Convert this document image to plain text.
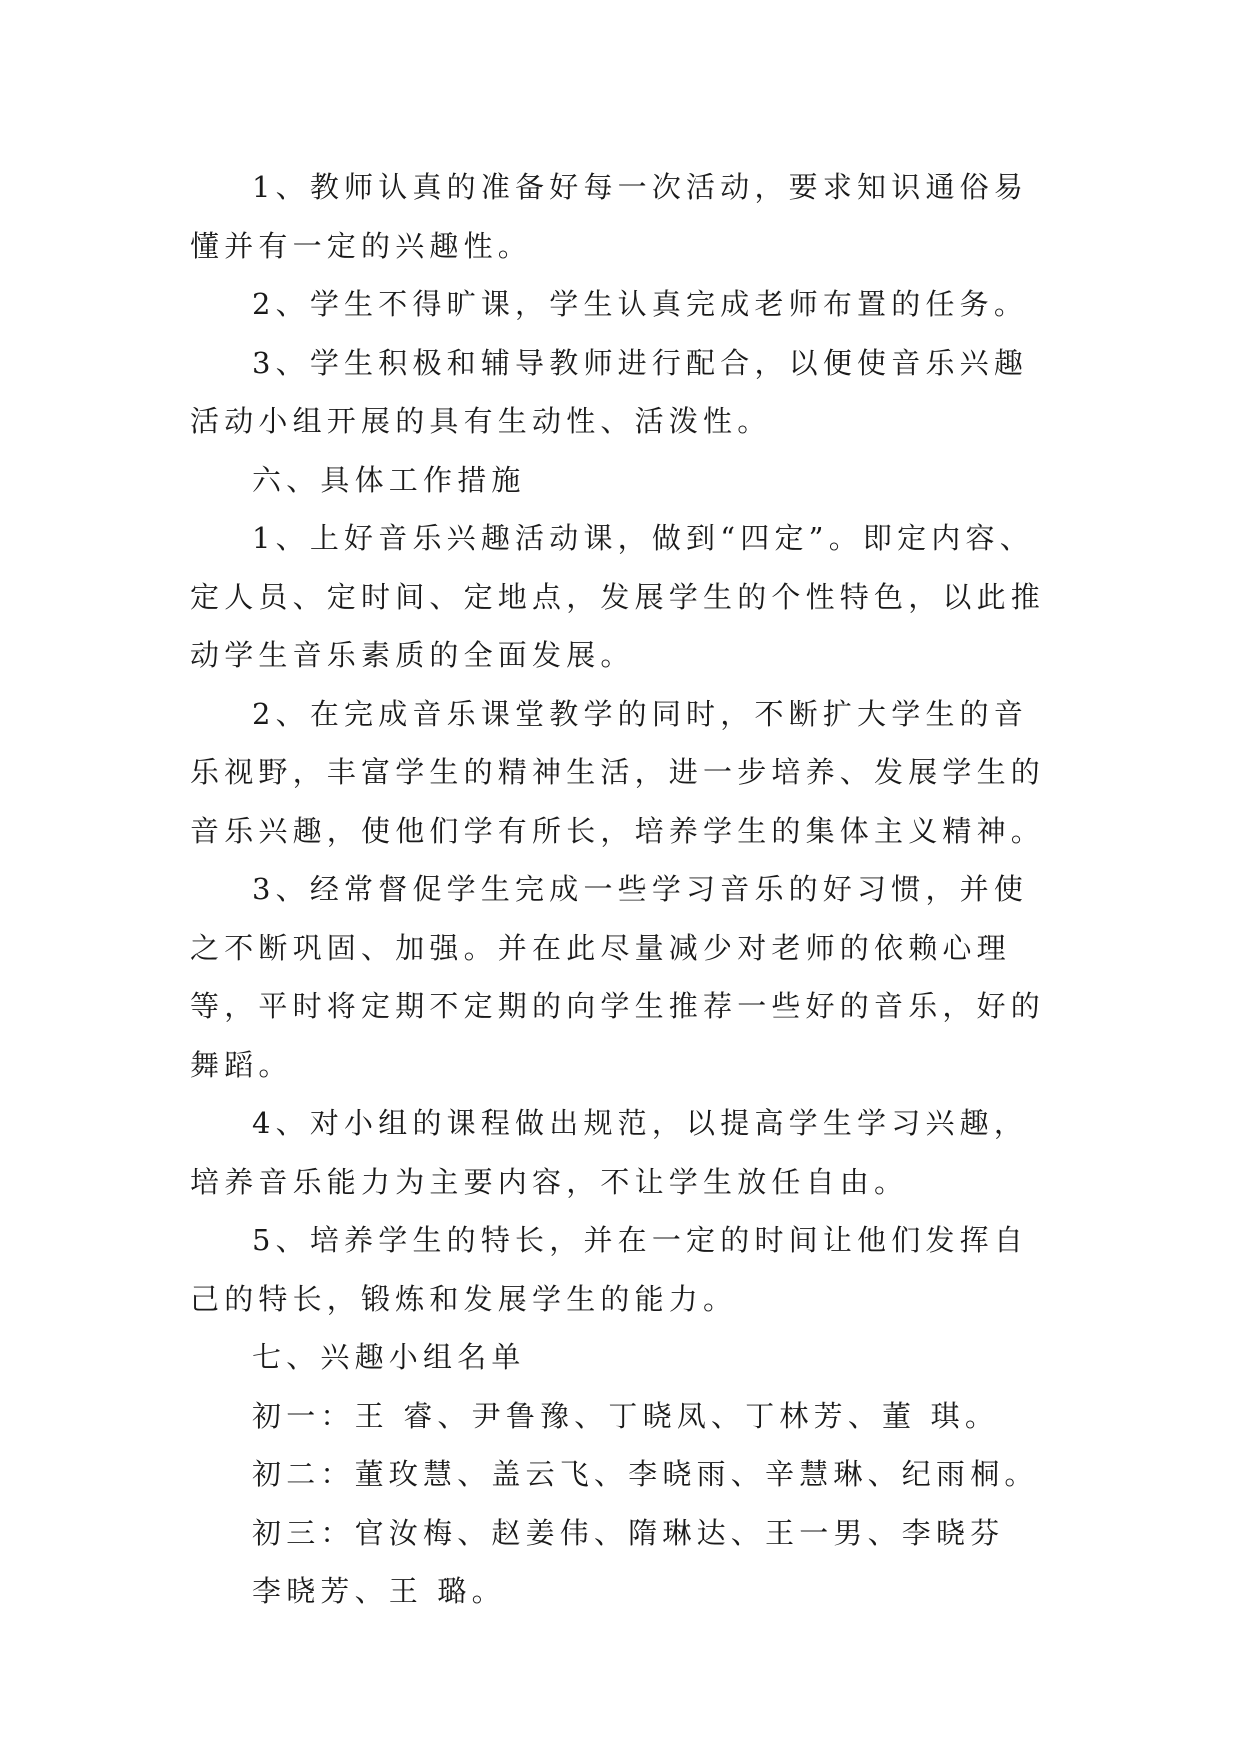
1、教师认真的准备好每一次活动，要求知识通俗易懂并有一定的兴趣性。

2、学生不得旷课，学生认真完成老师布置的任务。

3、学生积极和辅导教师进行配合，以便使音乐兴趣活动小组开展的具有生动性、活泼性。

六、具体工作措施

1、上好音乐兴趣活动课，做到“四定”。即定内容、定人员、定时间、定地点，发展学生的个性特色，以此推动学生音乐素质的全面发展。

2、在完成音乐课堂教学的同时，不断扩大学生的音乐视野，丰富学生的精神生活，进一步培养、发展学生的音乐兴趣，使他们学有所长，培养学生的集体主义精神。

3、经常督促学生完成一些学习音乐的好习惯，并使之不断巩固、加强。并在此尽量减少对老师的依赖心理等，平时将定期不定期的向学生推荐一些好的音乐，好的舞蹈。

4、对小组的课程做出规范，以提高学生学习兴趣，培养音乐能力为主要内容，不让学生放任自由。

5、培养学生的特长，并在一定的时间让他们发挥自己的特长，锻炼和发展学生的能力。

七、兴趣小组名单

初一：王 睿、尹鲁豫、丁晓凤、丁林芳、董 琪。

初二：董玫慧、盖云飞、李晓雨、辛慧琳、纪雨桐。

初三：官汝梅、赵姜伟、隋琳达、王一男、李晓芬

李晓芳、王 璐。
